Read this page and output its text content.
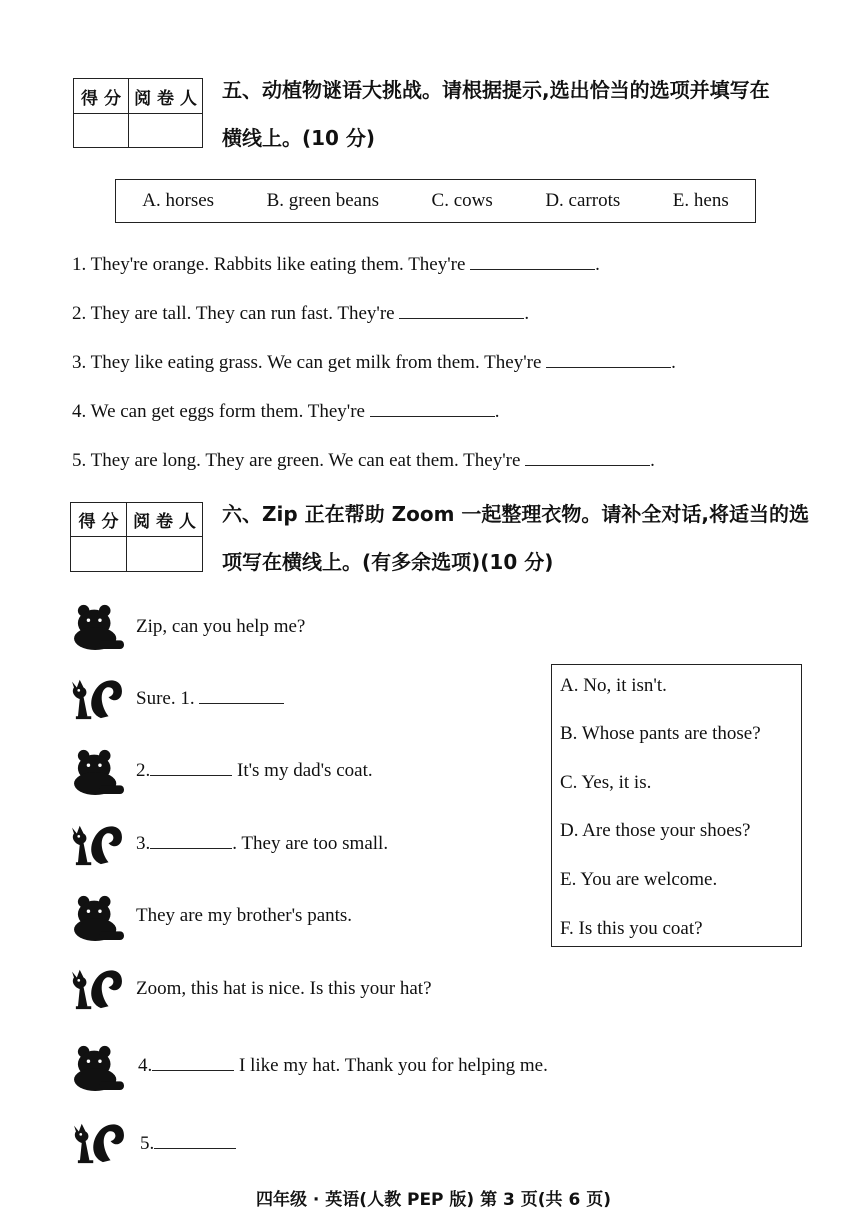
得 分	阅 卷 人
	五、动植物谜语大挑战。请根据提示,选出恰当的选项并填写在
横线上。(10 分)
A. horses	B. green beans	C. cows	D. carrots	E. hens
1. They're orange. Rabbits like eating them. They're	.
2. They are tall. They can run fast. They're	.
3. They like eating grass. We can get milk from them. They're	.
4. We can get eggs form them. They're	.
5. They are long. They are green. We can eat them. They're	.
得 分	阅 卷 人
	六、Zip 正在帮助 Zoom 一起整理衣物。请补全对话,将适当的选
项写在横线上。(有多余选项)(10 分)
Zip, can you help me?
Sure. 1.
2.	It's my dad's coat.
3.	. They are too small.
They are my brother's pants.
Zoom, this hat is nice. Is this your hat?
4.	I like my hat. Thank you for helping me.
5.
A. No, it isn't.
B. Whose pants are those?
C. Yes, it is.
D. Are those your shoes?
E. You are welcome.
F. Is this you coat?
四年级 · 英语(人教 PEP 版) 第 3 页(共 6 页)
